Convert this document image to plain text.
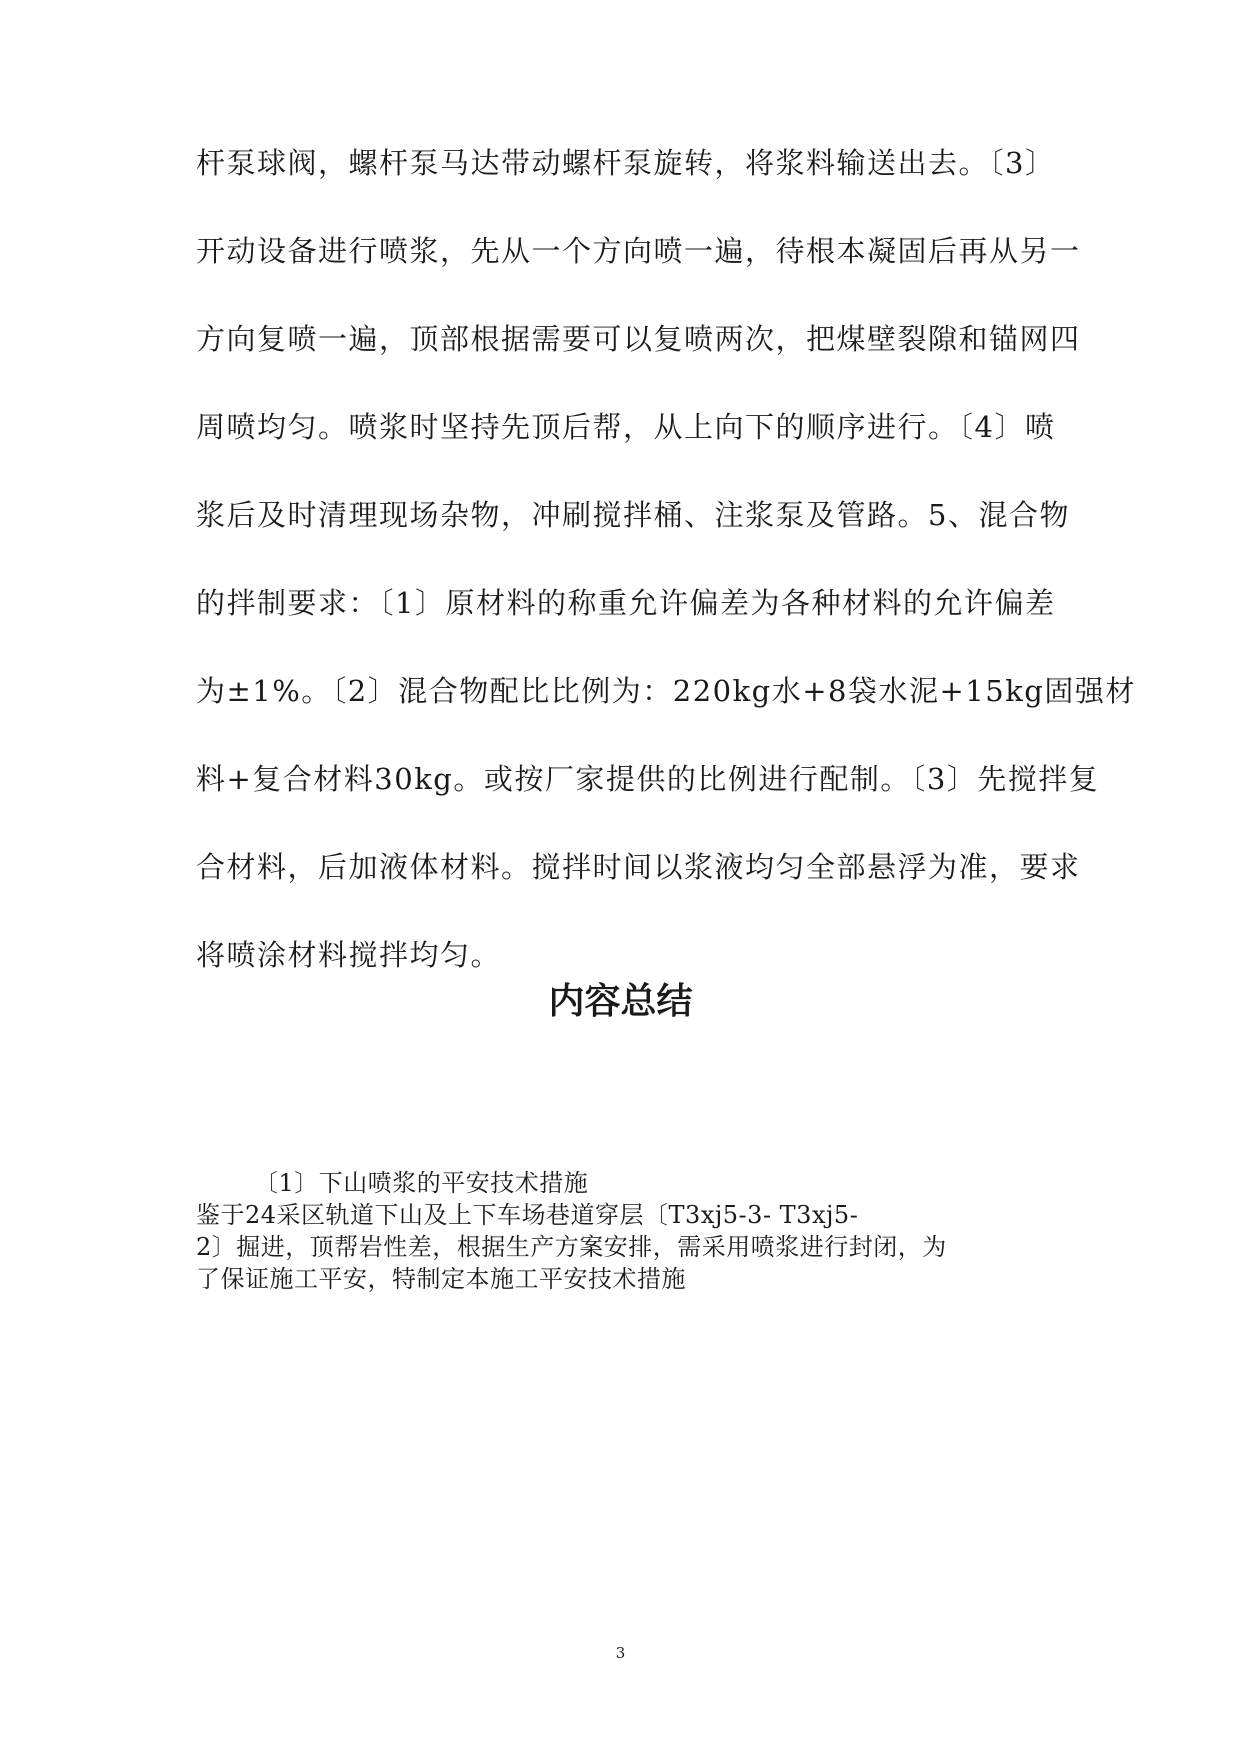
杆泵球阀，螺杆泵马达带动螺杆泵旋转，将浆料输送出去。〔3〕
开动设备进行喷浆，先从一个方向喷一遍，待根本凝固后再从另一
方向复喷一遍，顶部根据需要可以复喷两次，把煤壁裂隙和锚网四
周喷均匀。喷浆时坚持先顶后帮，从上向下的顺序进行。〔4〕喷
浆后及时清理现场杂物，冲刷搅拌桶、注浆泵及管路。5、混合物
的拌制要求：〔1〕原材料的称重允许偏差为各种材料的允许偏差
为±1%。〔2〕混合物配比比例为：220kg水+8袋水泥+15kg固强材
料+复合材料30kg。或按厂家提供的比例进行配制。〔3〕先搅拌复
合材料，后加液体材料。搅拌时间以浆液均匀全部悬浮为准，要求
将喷涂材料搅拌均匀。
内容总结
〔1〕下山喷浆的平安技术措施
鉴于24采区轨道下山及上下车场巷道穿层〔T3xj5-3- T3xj5-
2〕掘进，顶帮岩性差，根据生产方案安排，需采用喷浆进行封闭，为
了保证施工平安，特制定本施工平安技术措施
3
